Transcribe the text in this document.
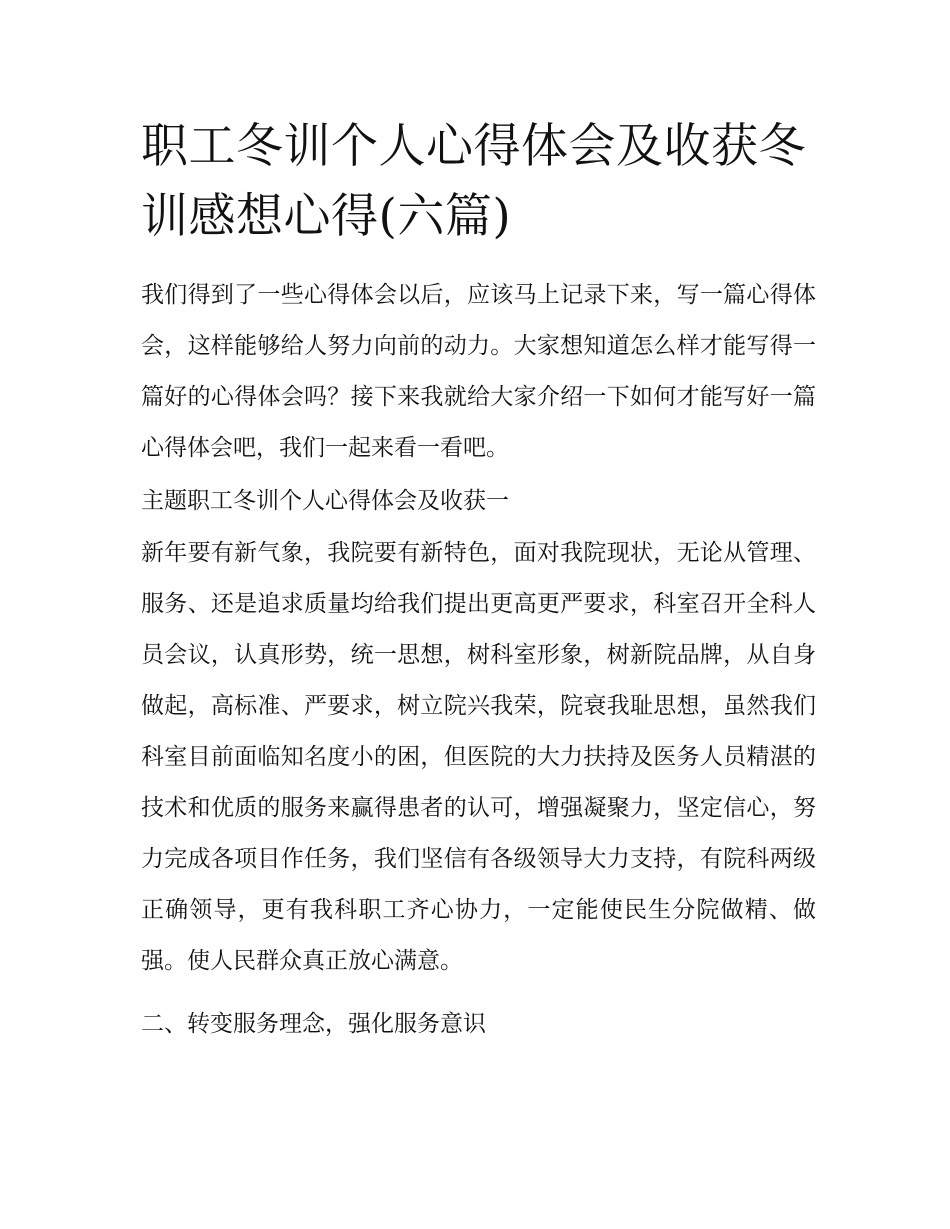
职工冬训个人心得体会及收获冬训感想心得(六篇)

我们得到了一些心得体会以后，应该马上记录下来，写一篇心得体会，这样能够给人努力向前的动力。大家想知道怎么样才能写得一篇好的心得体会吗？接下来我就给大家介绍一下如何才能写好一篇心得体会吧，我们一起来看一看吧。

主题职工冬训个人心得体会及收获一

新年要有新气象，我院要有新特色，面对我院现状，无论从管理、服务、还是追求质量均给我们提出更高更严要求，科室召开全科人员会议，认真形势，统一思想，树科室形象，树新院品牌，从自身做起，高标准、严要求，树立院兴我荣，院衰我耻思想，虽然我们科室目前面临知名度小的困，但医院的大力扶持及医务人员精湛的技术和优质的服务来赢得患者的认可，增强凝聚力，坚定信心，努力完成各项目作任务，我们坚信有各级领导大力支持，有院科两级正确领导，更有我科职工齐心协力，一定能使民生分院做精、做强。使人民群众真正放心满意。

二、转变服务理念，强化服务意识
